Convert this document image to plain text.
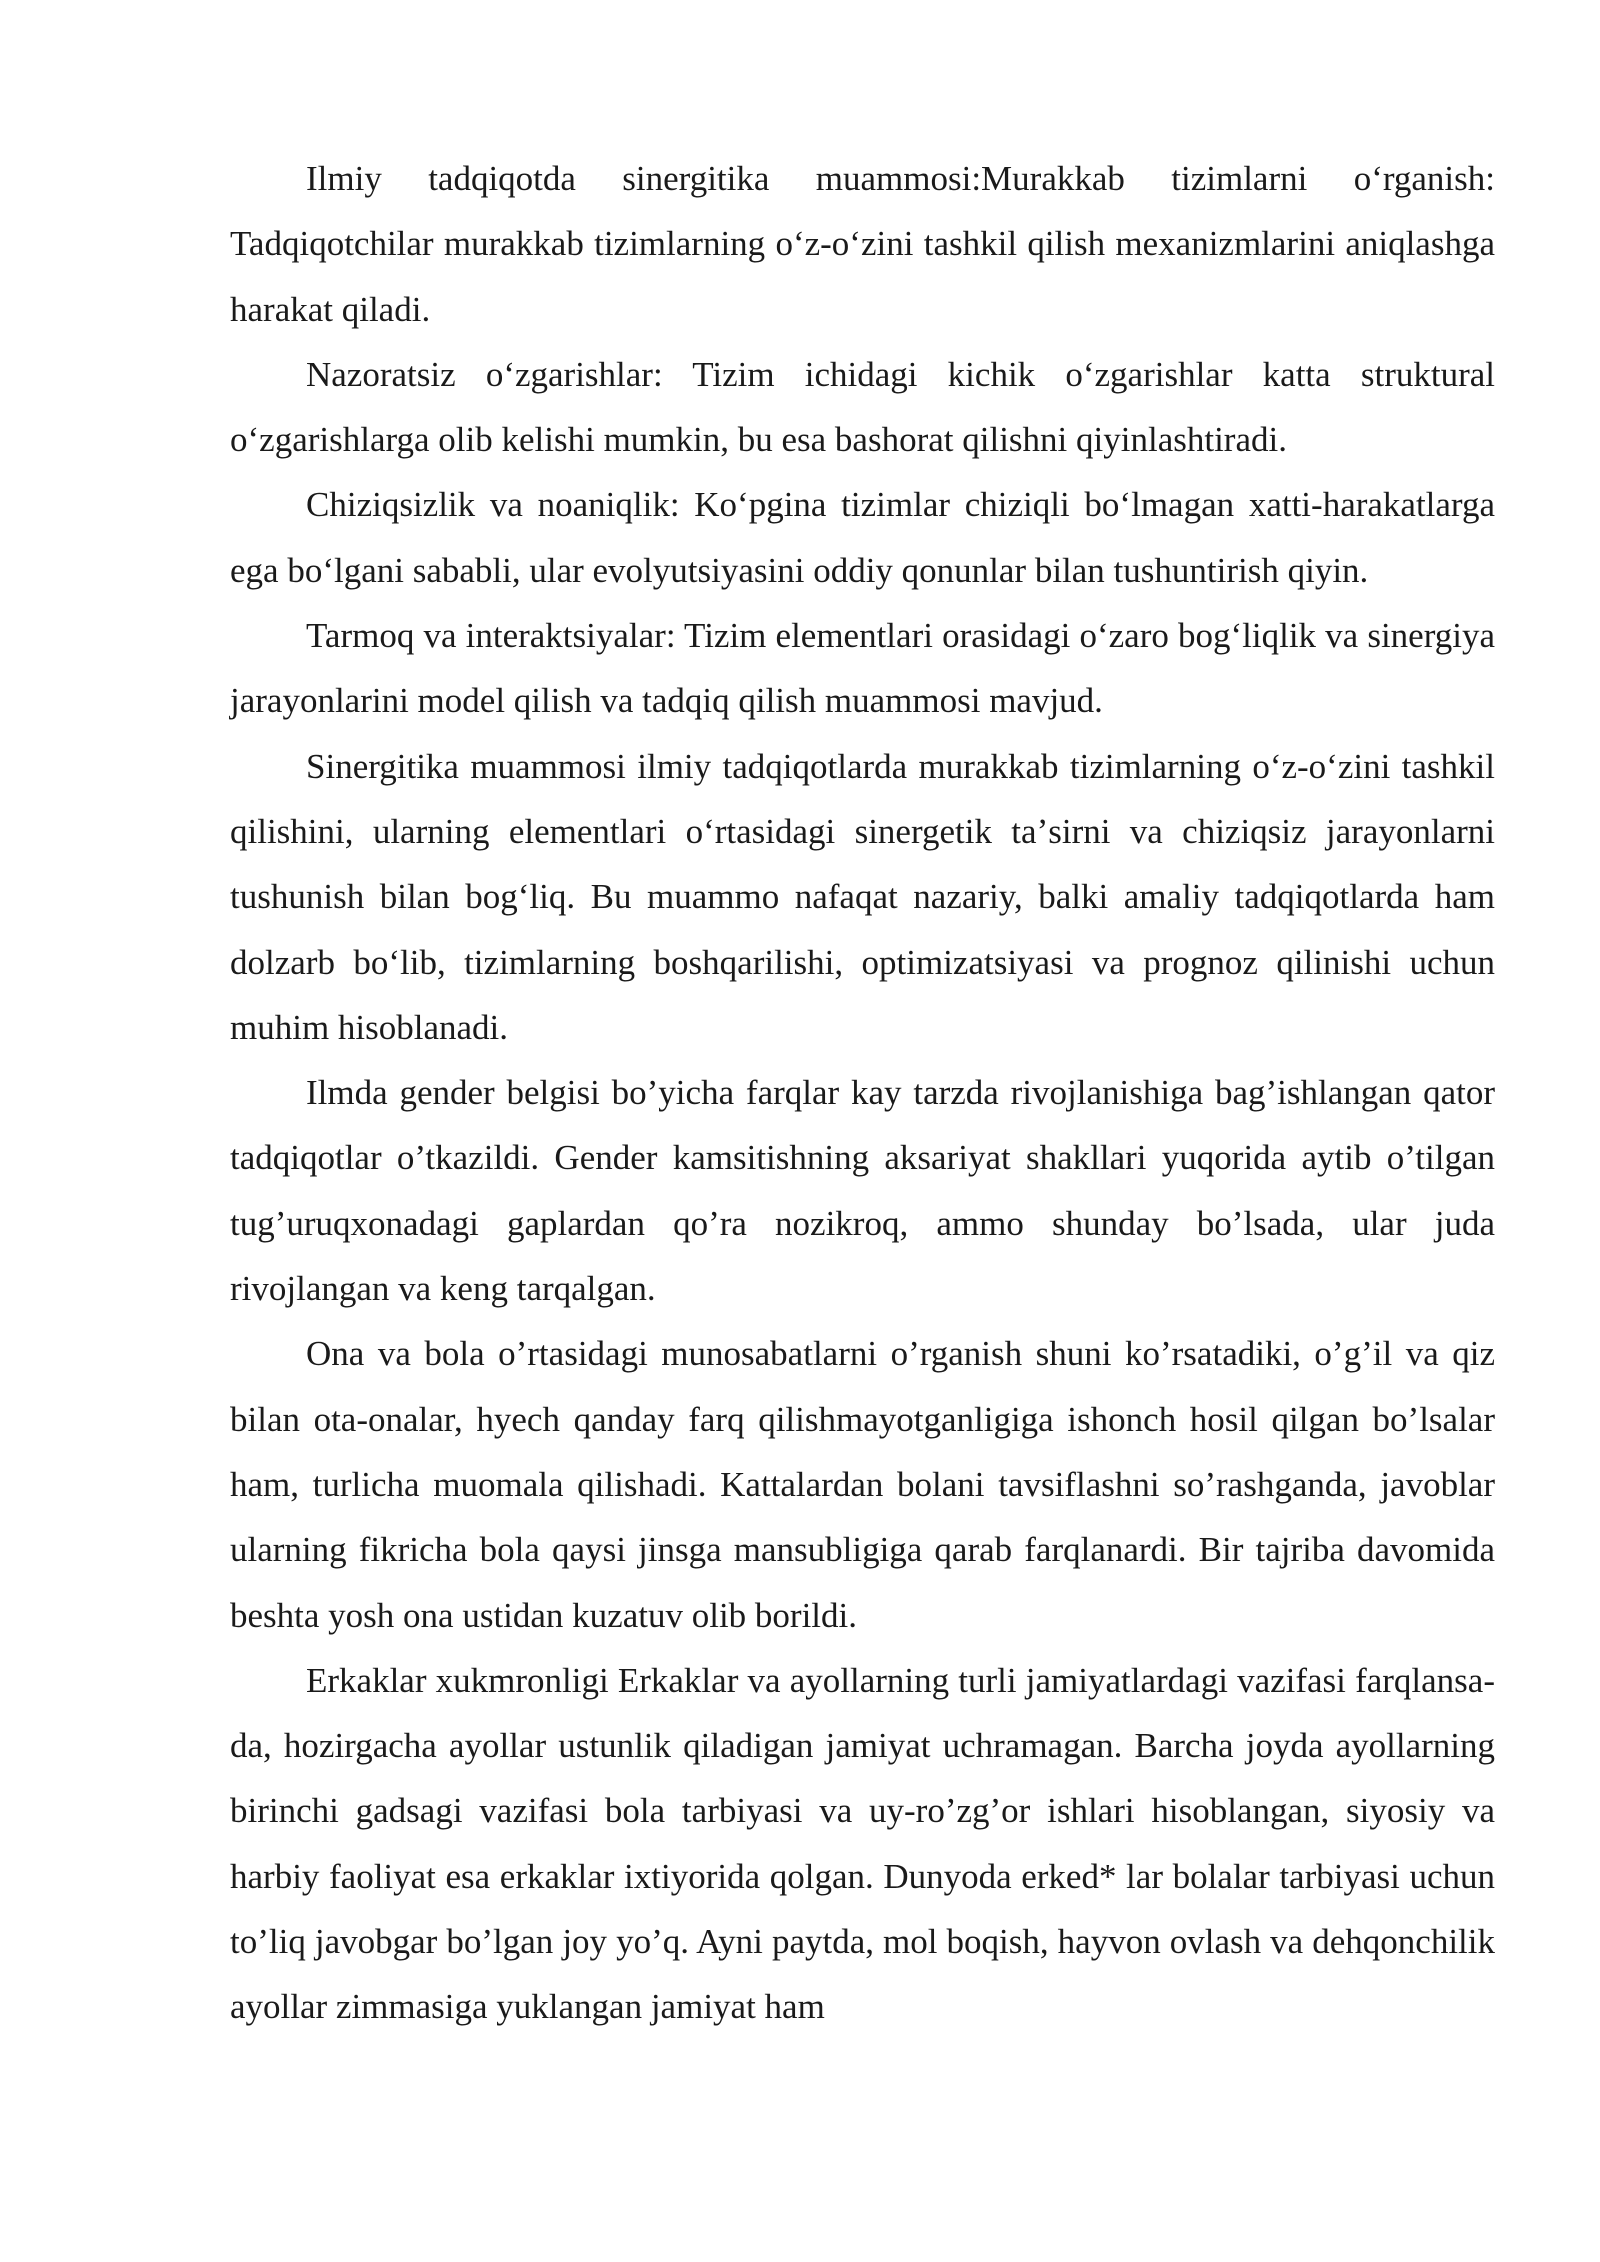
Ilmiy tadqiqotda sinergitika muammosi:Murakkab tizimlarni oʻrganish: Tadqiqotchilar murakkab tizimlarning oʻz-oʻzini tashkil qilish mexanizmlarini aniqlashga harakat qiladi.

Nazoratsiz oʻzgarishlar: Tizim ichidagi kichik oʻzgarishlar katta struktural oʻzgarishlarga olib kelishi mumkin, bu esa bashorat qilishni qiyinlashtiradi.

Chiziqsizlik va noaniqlik: Koʻpgina tizimlar chiziqli boʻlmagan xatti-harakatlarga ega boʻlgani sababli, ular evolyutsiyasini oddiy qonunlar bilan tushuntirish qiyin.

Tarmoq va interaktsiyalar: Tizim elementlari orasidagi oʻzaro bogʻliqlik va sinergiya jarayonlarini model qilish va tadqiq qilish muammosi mavjud.

Sinergitika muammosi ilmiy tadqiqotlarda murakkab tizimlarning oʻz-oʻzini tashkil qilishini, ularning elementlari oʻrtasidagi sinergetik taʼsirni va chiziqsiz jarayonlarni tushunish bilan bogʻliq. Bu muammo nafaqat nazariy, balki amaliy tadqiqotlarda ham dolzarb boʻlib, tizimlarning boshqarilishi, optimizatsiyasi va prognoz qilinishi uchun muhim hisoblanadi.

Ilmda gender belgisi bo’yicha farqlar kay tarzda rivojlanishiga bag’ishlangan qator tadqiqotlar o’tkazildi. Gender kamsitishning aksariyat shakllari yuqorida aytib o’tilgan tug’uruqxonadagi gaplardan qo’ra nozikroq, ammo shunday bo’lsada, ular juda rivojlangan va keng tarqalgan.

Ona va bola o’rtasidagi munosabatlarni o’rganish shuni ko’rsatadiki, o’g’il va qiz bilan ota-onalar, hyech qanday farq qilishmayotganligiga ishonch hosil qilgan bo’lsalar ham, turlicha muomala qilishadi. Kattalardan bolani tavsiflashni so’rashganda, javoblar ularning fikricha bola qaysi jinsga mansubligiga qarab farqlanardi. Bir tajriba davomida beshta yosh ona ustidan kuzatuv olib borildi.

Erkaklar xukmronligi Erkaklar va ayollarning turli jamiyatlardagi vazifasi farqlansa-da, hozirgacha ayollar ustunlik qiladigan jamiyat uchramagan. Barcha joyda ayollarning birinchi gadsagi vazifasi bola tarbiyasi va uy-ro’zg’or ishlari hisoblangan, siyosiy va harbiy faoliyat esa erkaklar ixtiyorida qolgan. Dunyoda erked* lar bolalar tarbiyasi uchun to’liq javobgar bo’lgan joy yo’q. Ayni paytda, mol boqish, hayvon ovlash va dehqonchilik ayollar zimmasiga yuklangan jamiyat ham
